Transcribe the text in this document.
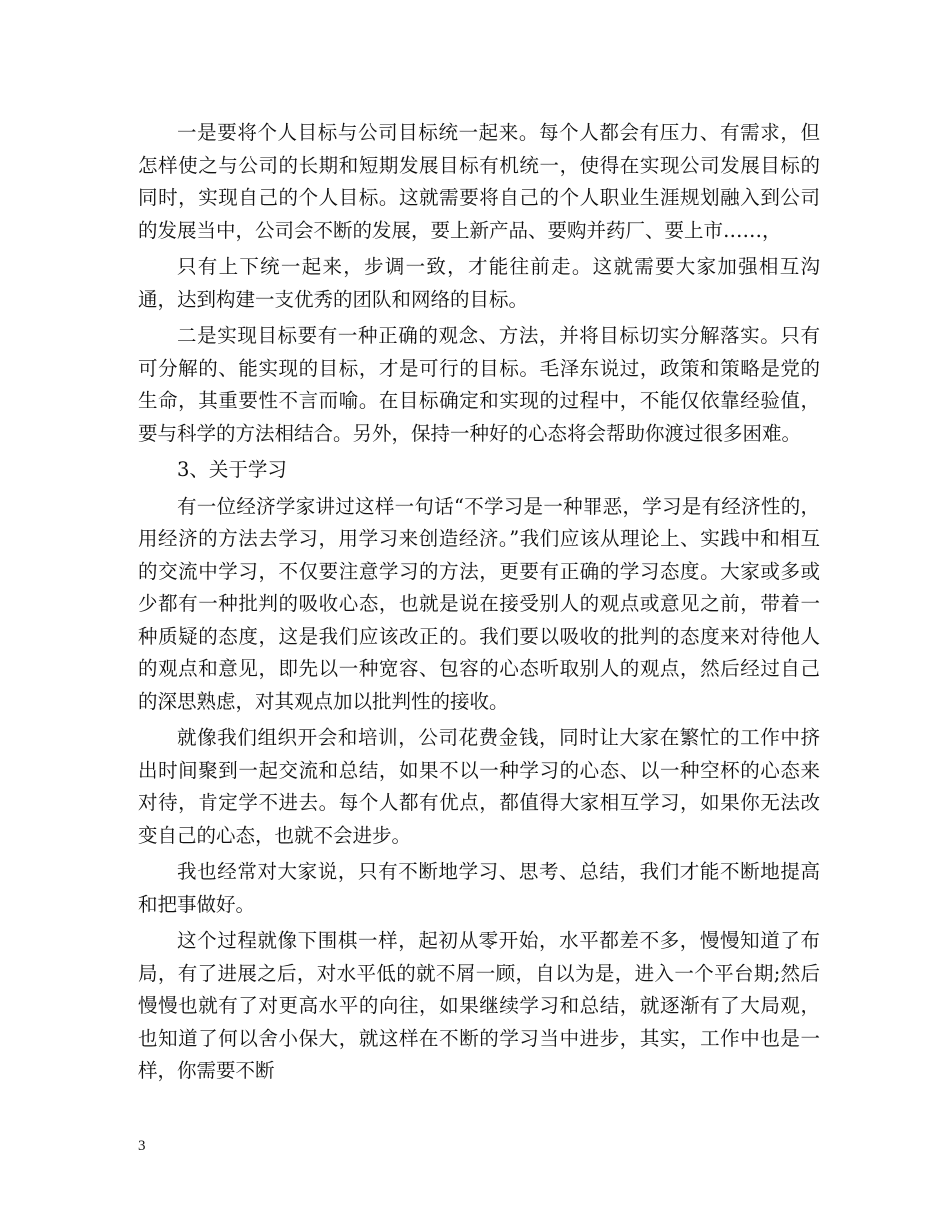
一是要将个人目标与公司目标统一起来。每个人都会有压力、有需求，但怎样使之与公司的长期和短期发展目标有机统一，使得在实现公司发展目标的同时，实现自己的个人目标。这就需要将自己的个人职业生涯规划融入到公司的发展当中，公司会不断的发展，要上新产品、要购并药厂、要上市……，

只有上下统一起来，步调一致，才能往前走。这就需要大家加强相互沟通，达到构建一支优秀的团队和网络的目标。

二是实现目标要有一种正确的观念、方法，并将目标切实分解落实。只有可分解的、能实现的目标，才是可行的目标。毛泽东说过，政策和策略是党的生命，其重要性不言而喻。在目标确定和实现的过程中，不能仅依靠经验值，要与科学的方法相结合。另外，保持一种好的心态将会帮助你渡过很多困难。

3、关于学习

有一位经济学家讲过这样一句话“不学习是一种罪恶，学习是有经济性的，用经济的方法去学习，用学习来创造经济。”我们应该从理论上、实践中和相互的交流中学习，不仅要注意学习的方法，更要有正确的学习态度。大家或多或少都有一种批判的吸收心态，也就是说在接受别人的观点或意见之前，带着一种质疑的态度，这是我们应该改正的。我们要以吸收的批判的态度来对待他人的观点和意见，即先以一种宽容、包容的心态听取别人的观点，然后经过自己的深思熟虑，对其观点加以批判性的接收。

就像我们组织开会和培训，公司花费金钱，同时让大家在繁忙的工作中挤出时间聚到一起交流和总结，如果不以一种学习的心态、以一种空杯的心态来对待，肯定学不进去。每个人都有优点，都值得大家相互学习，如果你无法改变自己的心态，也就不会进步。

我也经常对大家说，只有不断地学习、思考、总结，我们才能不断地提高和把事做好。

这个过程就像下围棋一样，起初从零开始，水平都差不多，慢慢知道了布局，有了进展之后，对水平低的就不屑一顾，自以为是，进入一个平台期;然后慢慢也就有了对更高水平的向往，如果继续学习和总结，就逐渐有了大局观，也知道了何以舍小保大，就这样在不断的学习当中进步，其实，工作中也是一样，你需要不断

3
